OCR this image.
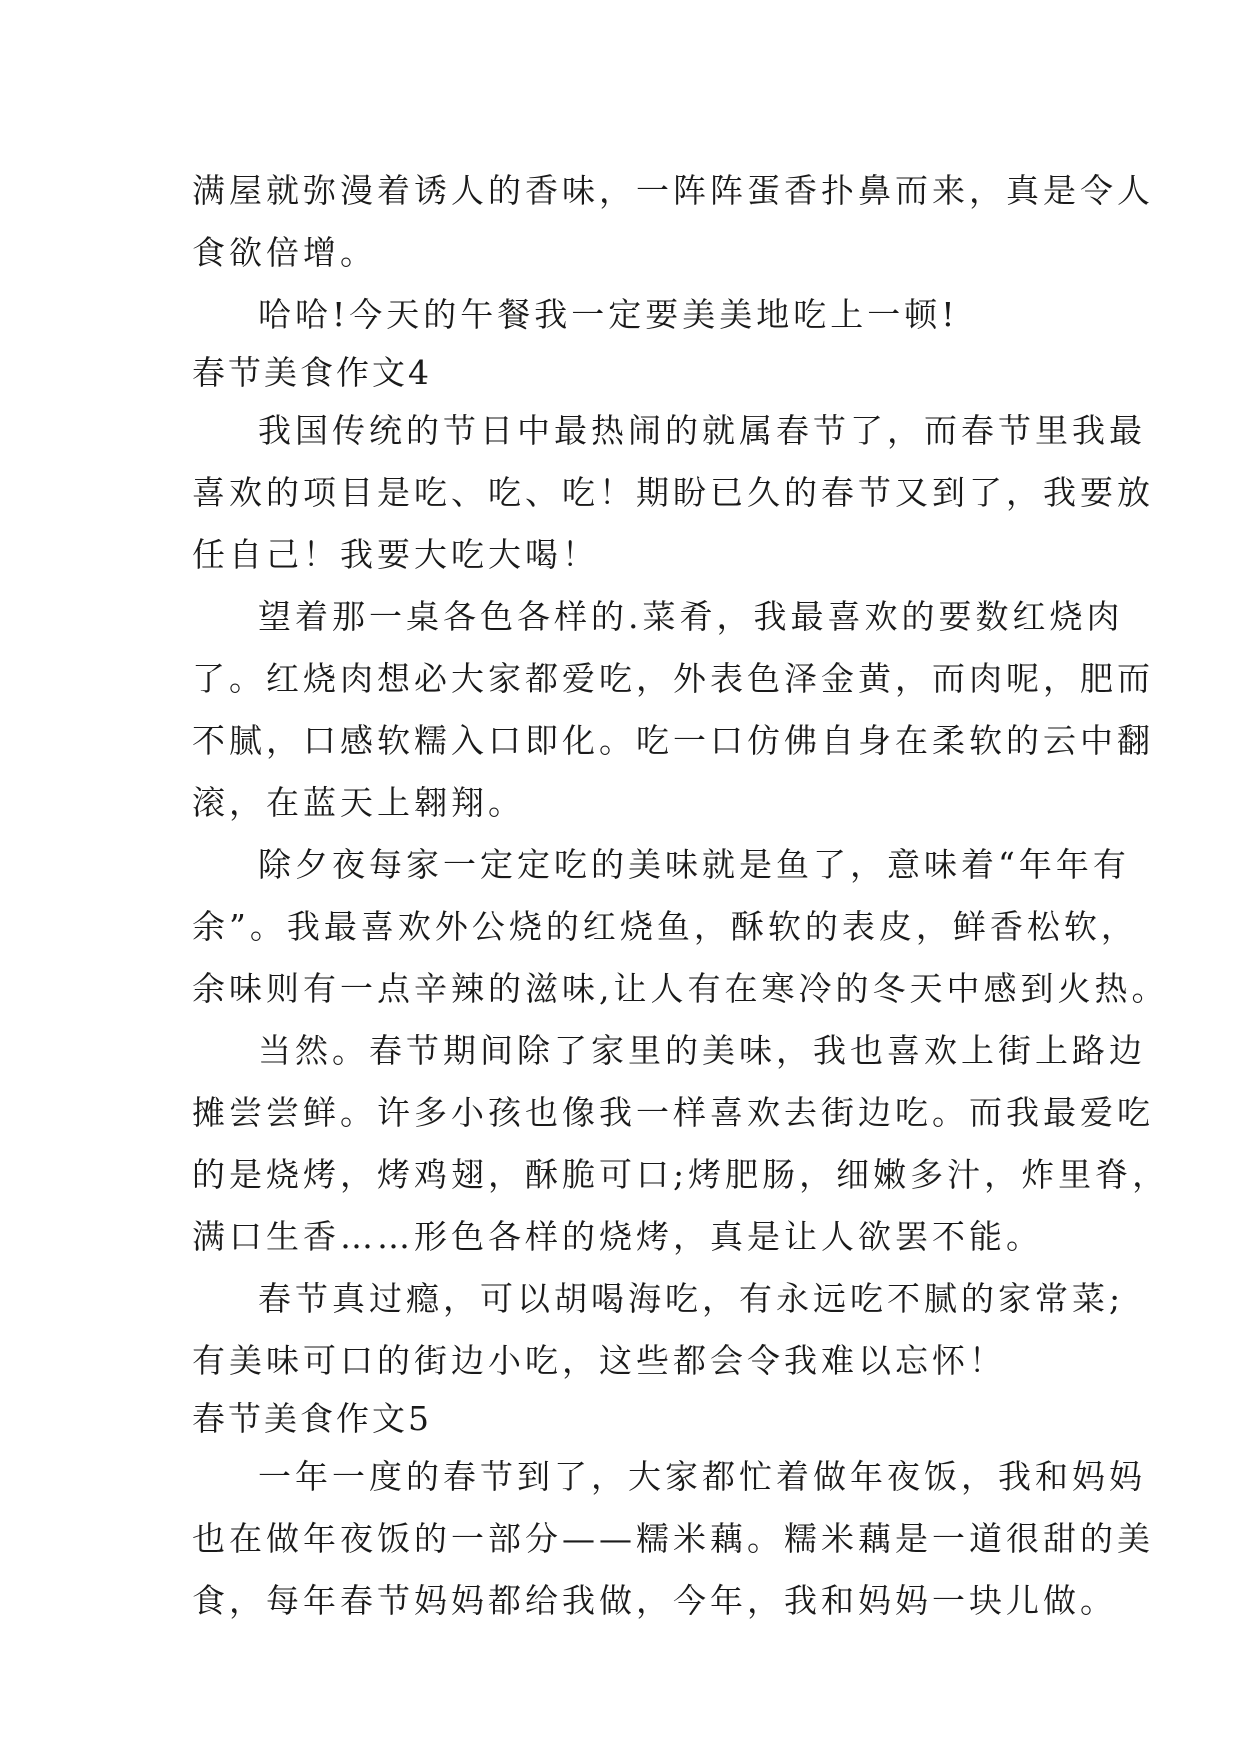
满屋就弥漫着诱人的香味，一阵阵蛋香扑鼻而来，真是令人
食欲倍增。
哈哈!今天的午餐我一定要美美地吃上一顿!
春节美食作文4
我国传统的节日中最热闹的就属春节了，而春节里我最
喜欢的项目是吃、吃、吃！期盼已久的春节又到了，我要放
任自己！我要大吃大喝！
望着那一桌各色各样的.菜肴，我最喜欢的要数红烧肉
了。红烧肉想必大家都爱吃，外表色泽金黄，而肉呢，肥而
不腻，口感软糯入口即化。吃一口仿佛自身在柔软的云中翻
滚，在蓝天上翱翔。
除夕夜每家一定定吃的美味就是鱼了，意味着“年年有
余”。我最喜欢外公烧的红烧鱼，酥软的表皮，鲜香松软，
余味则有一点辛辣的滋味,让人有在寒冷的冬天中感到火热。
当然。春节期间除了家里的美味，我也喜欢上街上路边
摊尝尝鲜。许多小孩也像我一样喜欢去街边吃。而我最爱吃
的是烧烤，烤鸡翅，酥脆可口;烤肥肠，细嫩多汁，炸里脊，
满口生香……形色各样的烧烤，真是让人欲罢不能。
春节真过瘾，可以胡喝海吃，有永远吃不腻的家常菜;
有美味可口的街边小吃，这些都会令我难以忘怀！
春节美食作文5
一年一度的春节到了，大家都忙着做年夜饭，我和妈妈
也在做年夜饭的一部分——糯米藕。糯米藕是一道很甜的美
食，每年春节妈妈都给我做，今年，我和妈妈一块儿做。
